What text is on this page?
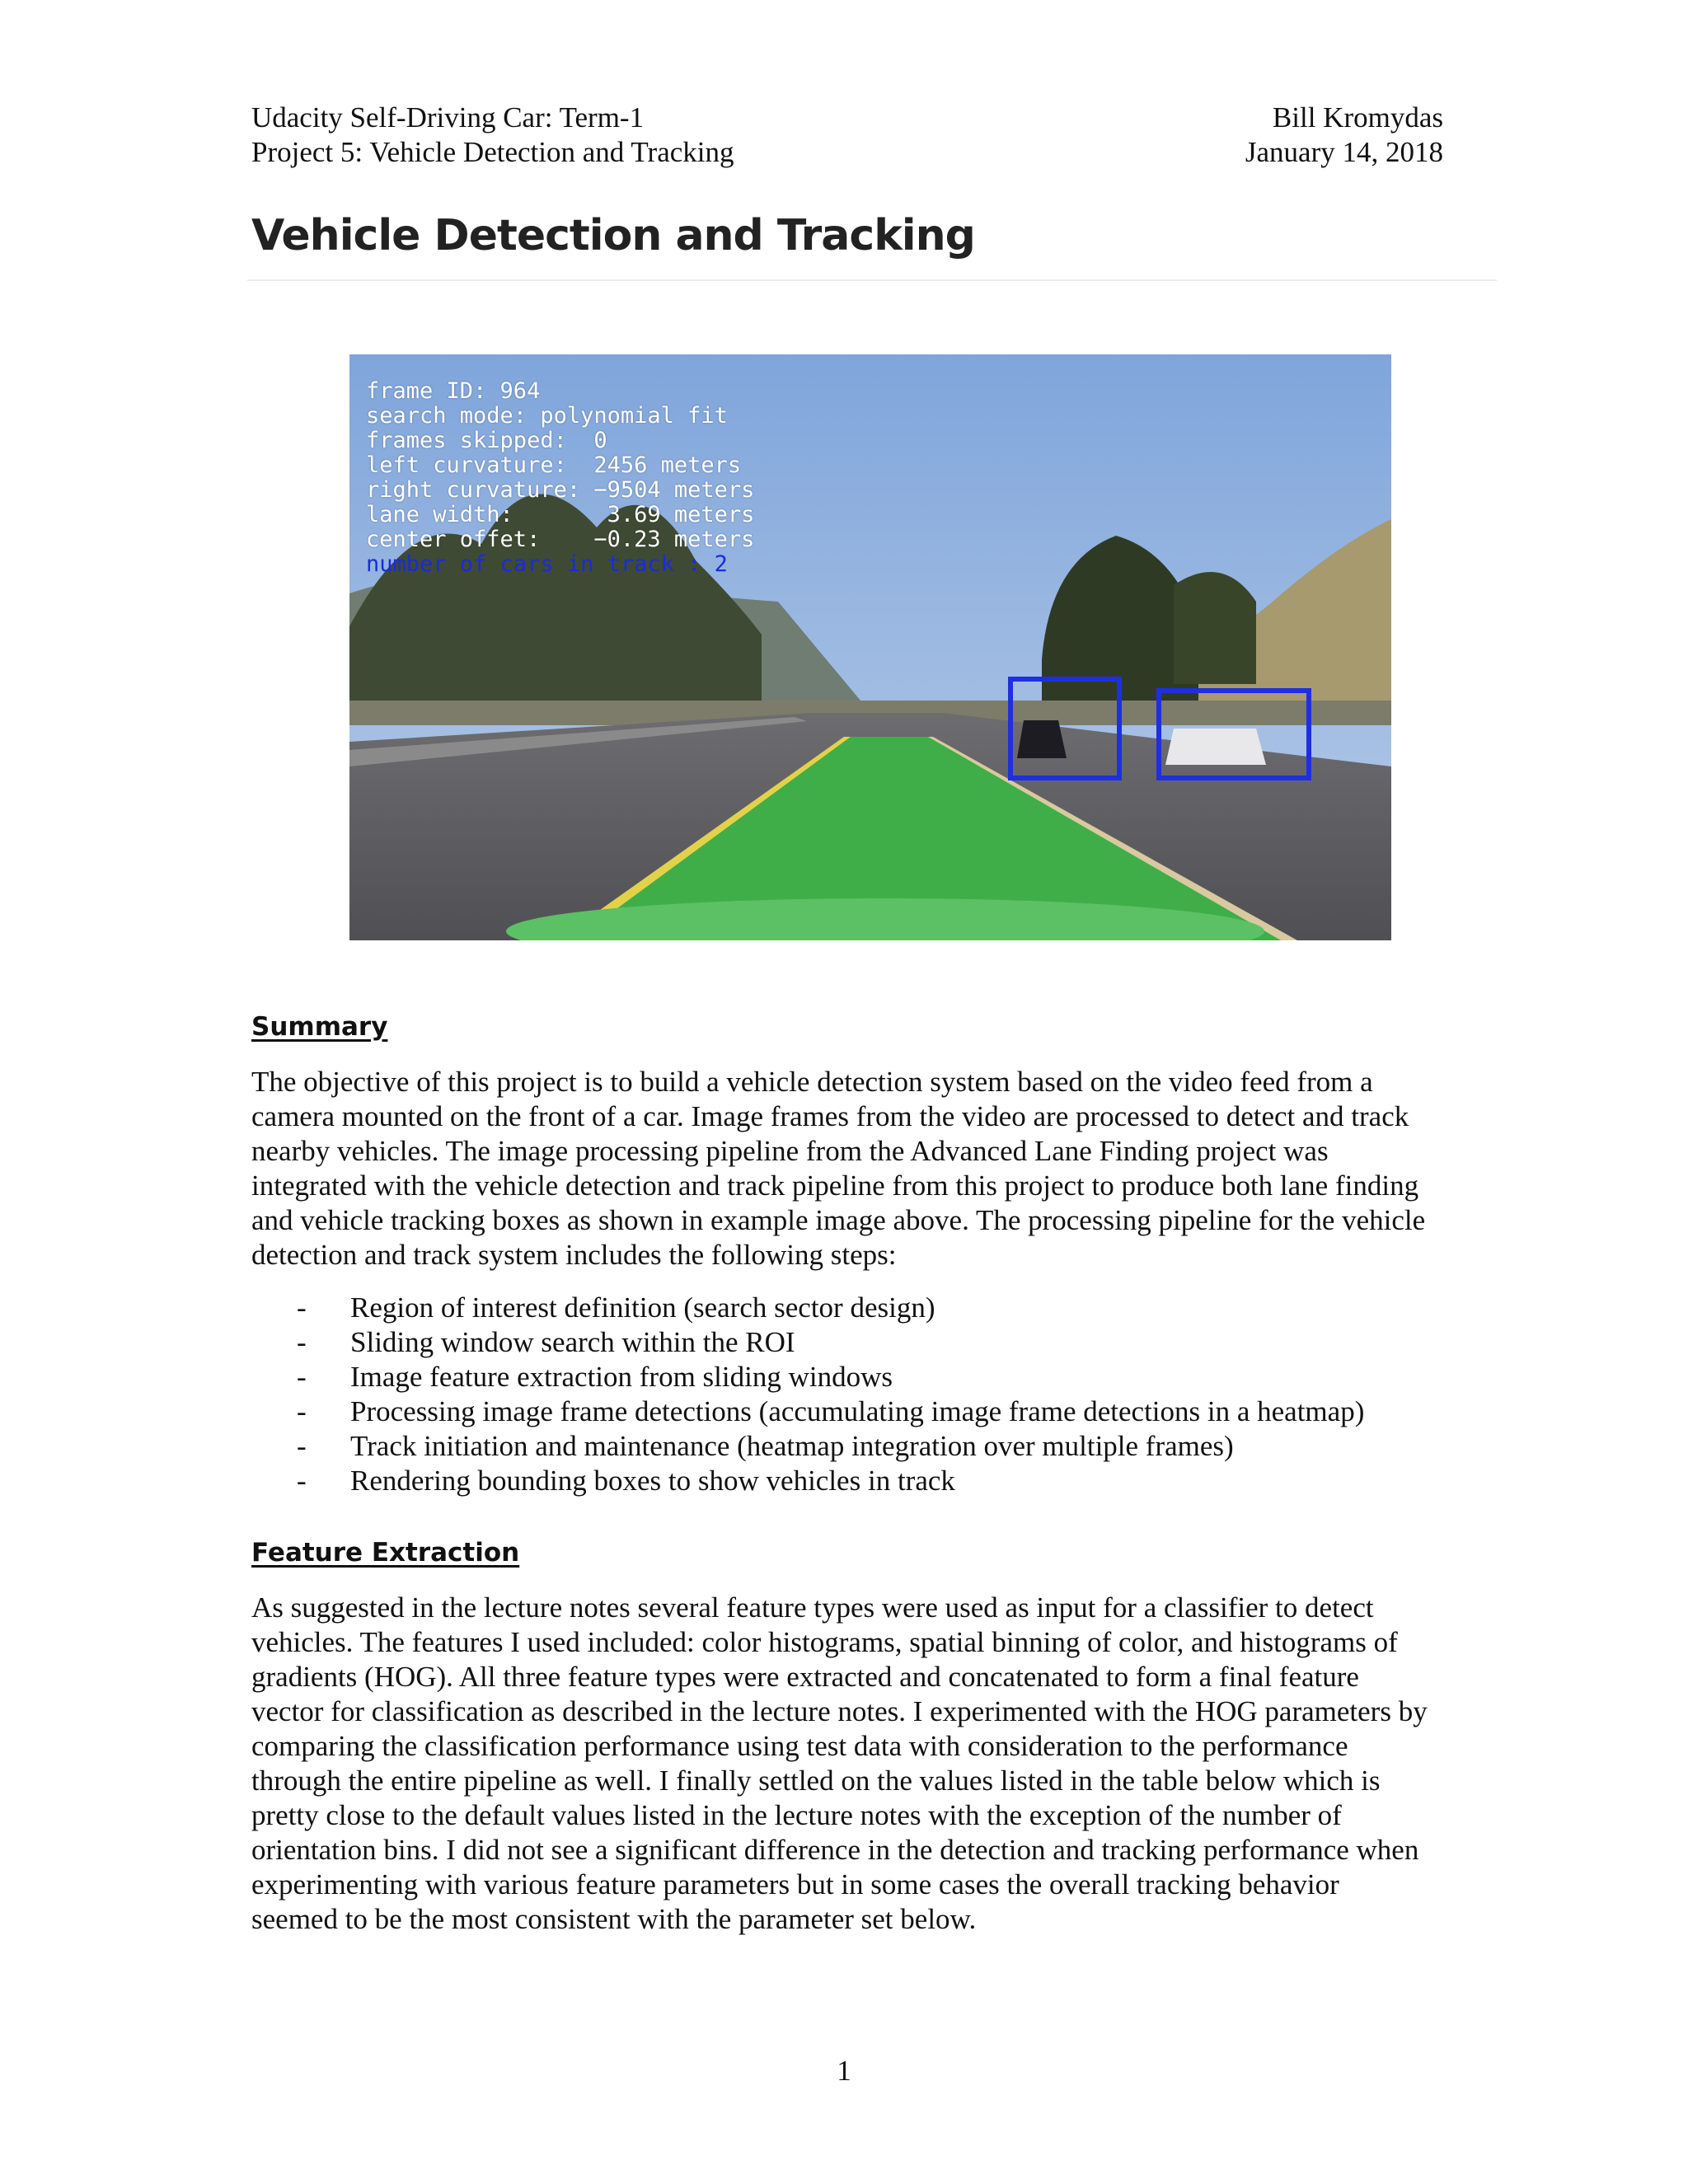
Udacity Self-Driving Car: Term-1	Bill Kromydas
Project 5: Vehicle Detection and Tracking	January 14, 2018
Vehicle Detection and Tracking
frame ID: 964
search mode: polynomial fit
frames skipped:  0
left curvature:  2456 meters
right curvature: −9504 meters
lane width:       3.69 meters
center offet:    −0.23 meters
number of cars in track : 2
Summary
The objective of this project is to build a vehicle detection system based on the video feed from a
camera mounted on the front of a car. Image frames from the video are processed to detect and track
nearby vehicles. The image processing pipeline from the Advanced Lane Finding project was
integrated with the vehicle detection and track pipeline from this project to produce both lane finding
and vehicle tracking boxes as shown in example image above. The processing pipeline for the vehicle
detection and track system includes the following steps:
-	Region of interest definition (search sector design)
-	Sliding window search within the ROI
-	Image feature extraction from sliding windows
-	Processing image frame detections (accumulating image frame detections in a heatmap)
-	Track initiation and maintenance (heatmap integration over multiple frames)
-	Rendering bounding boxes to show vehicles in track
Feature Extraction
As suggested in the lecture notes several feature types were used as input for a classifier to detect
vehicles. The features I used included: color histograms, spatial binning of color, and histograms of
gradients (HOG). All three feature types were extracted and concatenated to form a final feature
vector for classification as described in the lecture notes. I experimented with the HOG parameters by
comparing the classification performance using test data with consideration to the performance
through the entire pipeline as well. I finally settled on the values listed in the table below which is
pretty close to the default values listed in the lecture notes with the exception of the number of
orientation bins. I did not see a significant difference in the detection and tracking performance when
experimenting with various feature parameters but in some cases the overall tracking behavior
seemed to be the most consistent with the parameter set below.
1
